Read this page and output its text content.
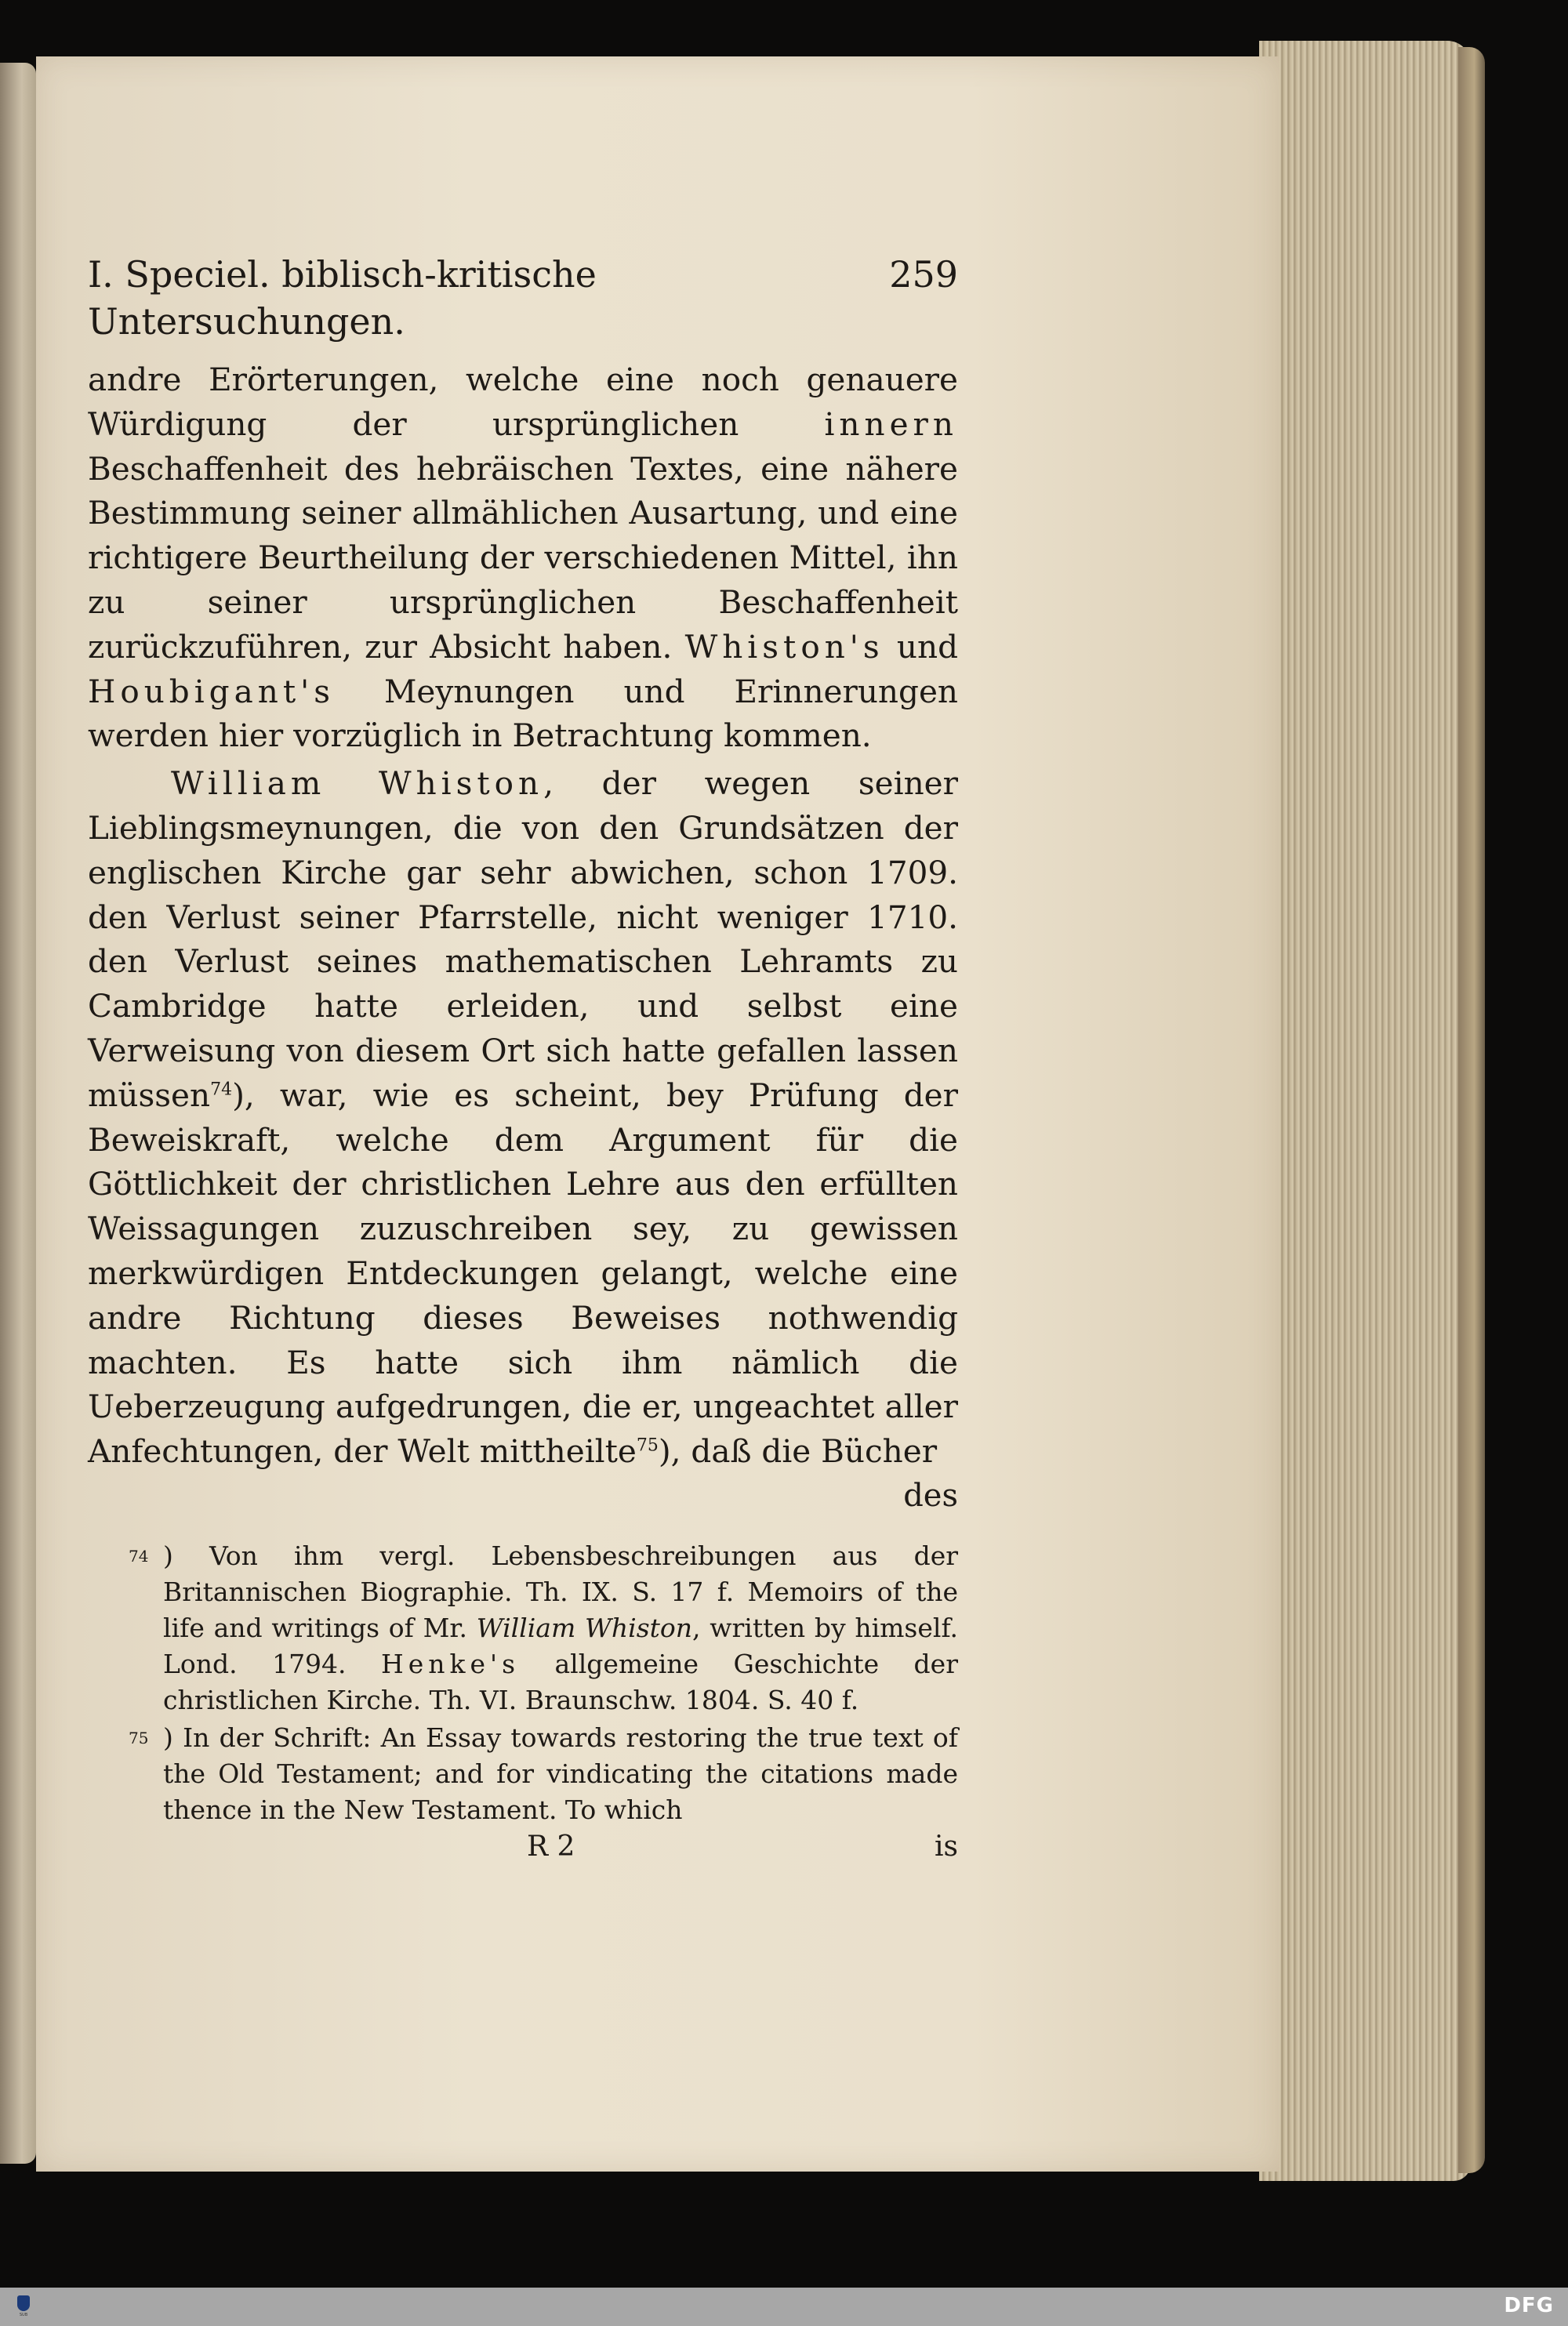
I. Speciel. biblisch-kritische Untersuchungen.
259

andre Erörterungen, welche eine noch genauere Würdigung der ursprünglichen innern Beschaffenheit des hebräischen Textes, eine nähere Bestimmung seiner allmählichen Ausartung, und eine richtigere Beurtheilung der verschiedenen Mittel, ihn zu seiner ursprünglichen Beschaffenheit zurückzuführen, zur Absicht haben. Whiston's und Houbigant's Meynungen und Erinnerungen werden hier vorzüglich in Betrachtung kommen.

William Whiston, der wegen seiner Lieblingsmeynungen, die von den Grundsätzen der englischen Kirche gar sehr abwichen, schon 1709. den Verlust seiner Pfarrstelle, nicht weniger 1710. den Verlust seines mathematischen Lehramts zu Cambridge hatte erleiden, und selbst eine Verweisung von diesem Ort sich hatte gefallen lassen müssen$^{74}$), war, wie es scheint, bey Prüfung der Beweiskraft, welche dem Argument für die Göttlichkeit der christlichen Lehre aus den erfüllten Weissagungen zuzuschreiben sey, zu gewissen merkwürdigen Entdeckungen gelangt, welche eine andre Richtung dieses Beweises nothwendig machten. Es hatte sich ihm nämlich die Ueberzeugung aufgedrungen, die er, ungeachtet aller Anfechtungen, der Welt mittheilte$^{75}$), daß die Bücher

des

$^{74}$ ) Von ihm vergl. Lebensbeschreibungen aus der Britannischen Biographie. Th. IX. S. 17 f. Memoirs of the life and writings of Mr. William Whiston, written by himself. Lond. 1794. Henke's allgemeine Geschichte der christlichen Kirche. Th. VI. Braunschw. 1804. S. 40 f.

$^{75}$ ) In der Schrift: An Essay towards restoring the true text of the Old Testament; and for vindicating the citations made thence in the New Testament. To which

R 2	is
SUB	DFG
